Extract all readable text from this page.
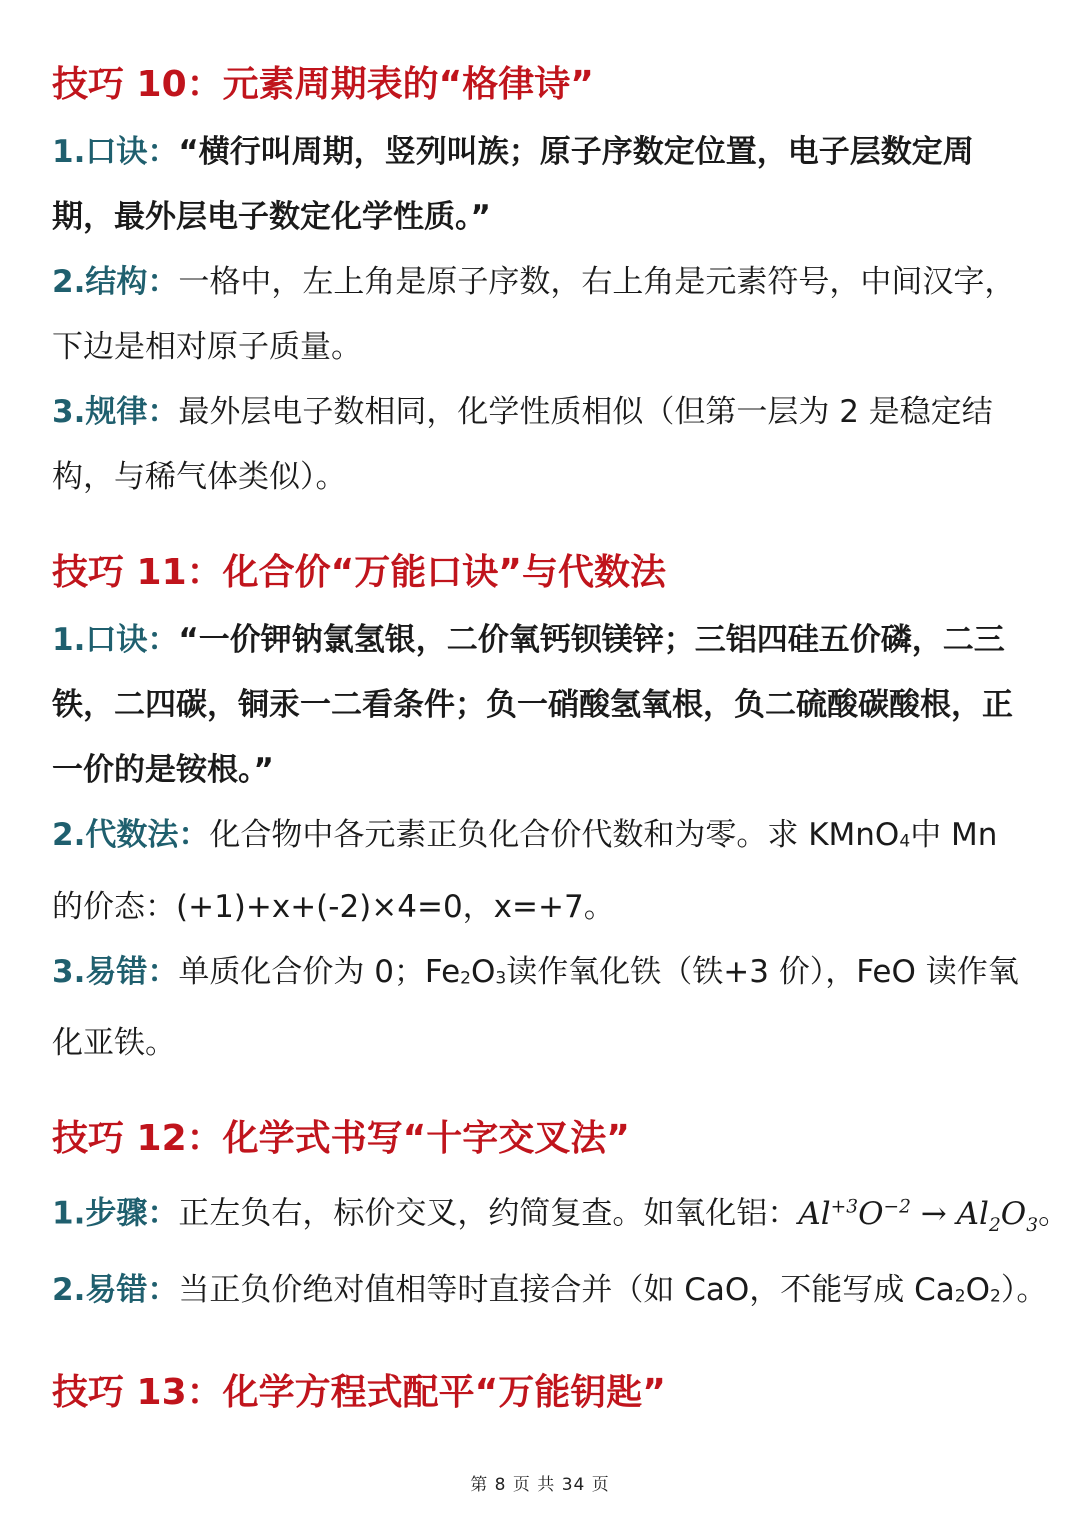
技巧 10：元素周期表的“格律诗”

1.口诀：“横行叫周期，竖列叫族；原子序数定位置，电子层数定周期，最外层电子数定化学性质。”

2.结构：一格中，左上角是原子序数，右上角是元素符号，中间汉字，下边是相对原子质量。

3.规律：最外层电子数相同，化学性质相似（但第一层为 2 是稳定结构，与稀气体类似）。

技巧 11：化合价“万能口诀”与代数法

1.口诀：“一价钾钠氯氢银，二价氧钙钡镁锌；三铝四硅五价磷，二三铁，二四碳，铜汞一二看条件；负一硝酸氢氧根，负二硫酸碳酸根，正一价的是铵根。”

2.代数法：化合物中各元素正负化合价代数和为零。求 KMnO4中 Mn 的价态：(+1)+x+(-2)×4=0，x=+7。

3.易错：单质化合价为 0；Fe2O3读作氧化铁（铁+3 价），FeO 读作氧化亚铁。

技巧 12：化学式书写“十字交叉法”

1.步骤：正左负右，标价交叉，约简复查。如氧化铝：$Al^{+3}O^{-2} \to Al_2O_3$。

2.易错：当正负价绝对值相等时直接合并（如 CaO，不能写成 Ca2O2）。

技巧 13：化学方程式配平“万能钥匙”
第 8 页 共 34 页
